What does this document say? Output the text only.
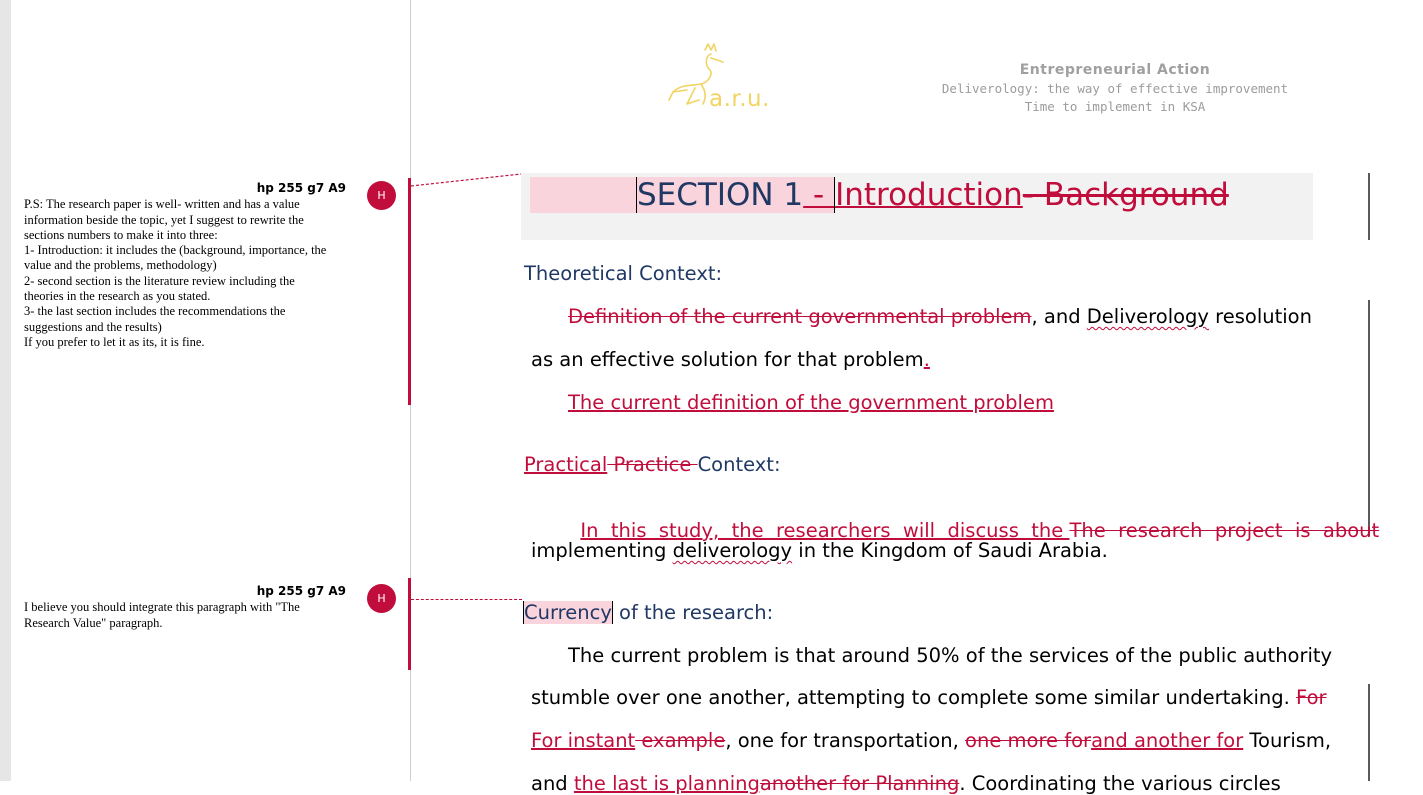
hp 255 g7 A9
P.S: The research paper is well- written and has a value
information beside the topic, yet I suggest to rewrite the
sections numbers to make it into three:
1- Introduction: it includes the (background, importance, the
value and the problems, methodology)
2- second section is the literature review including the
theories in the research as you stated.
3- the last section includes the recommendations the
suggestions and the results)
If you prefer to let it as its, it is fine.
H
hp 255 g7 A9
I believe you should integrate this paragraph with "The
Research Value" paragraph.
H
a.r.u.
Entrepreneurial Action
Deliverology: the way of effective improvement
Time to implement in KSA
SECTION 1 - Introduction- Background
Theoretical Context:
Definition of the current governmental problem, and Deliverology resolution
as an effective solution for that problem.
The current definition of the government problem
Practical Practice Context:

In  this  study,  the  researchers  will  discuss  the The  research  project  is  about

implementing deliverology in the Kingdom of Saudi Arabia.
Currency of the research:
The current problem is that around 50% of the services of the public authority
stumble over one another, attempting to complete some similar undertaking. For
For instant example, one for transportation, one more forand another for Tourism,
and the last is planninganother for Planning. Coordinating the various circles
